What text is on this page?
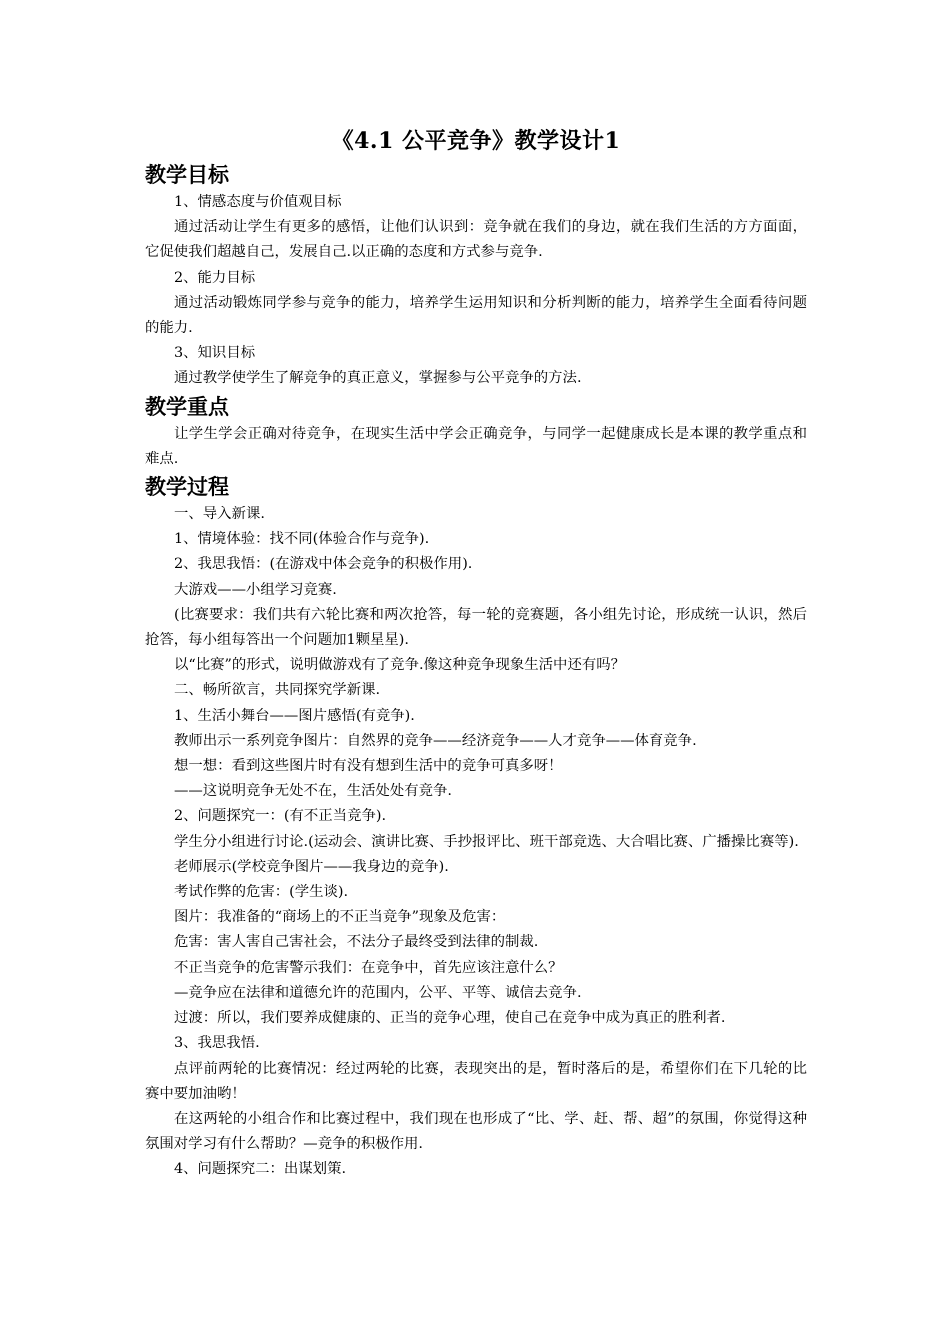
《4.1 公平竞争》教学设计1
教学目标

1、情感态度与价值观目标

通过活动让学生有更多的感悟，让他们认识到：竞争就在我们的身边，就在我们生活的方方面面，它促使我们超越自己，发展自己.以正确的态度和方式参与竞争.

2、能力目标

通过活动锻炼同学参与竞争的能力，培养学生运用知识和分析判断的能力，培养学生全面看待问题的能力.

3、知识目标

通过教学使学生了解竞争的真正意义，掌握参与公平竞争的方法.

教学重点

让学生学会正确对待竞争，在现实生活中学会正确竞争，与同学一起健康成长是本课的教学重点和难点.

教学过程

一、导入新课.

1、情境体验：找不同(体验合作与竞争).

2、我思我悟：(在游戏中体会竞争的积极作用).

大游戏——小组学习竞赛.

(比赛要求：我们共有六轮比赛和两次抢答，每一轮的竞赛题，各小组先讨论，形成统一认识，然后抢答，每小组每答出一个问题加1颗星星).

以“比赛”的形式，说明做游戏有了竞争.像这种竞争现象生活中还有吗？

二、畅所欲言，共同探究学新课.

1、生活小舞台——图片感悟(有竞争).

教师出示一系列竞争图片：自然界的竞争——经济竞争——人才竞争——体育竞争.

想一想：看到这些图片时有没有想到生活中的竞争可真多呀！

——这说明竞争无处不在，生活处处有竞争.

2、问题探究一：(有不正当竞争).

学生分小组进行讨论.(运动会、演讲比赛、手抄报评比、班干部竞选、大合唱比赛、广播操比赛等).

老师展示(学校竞争图片——我身边的竞争).

考试作弊的危害：(学生谈).

图片：我准备的“商场上的不正当竞争”现象及危害：

危害：害人害自己害社会，不法分子最终受到法律的制裁.

不正当竞争的危害警示我们：在竞争中，首先应该注意什么？

—竞争应在法律和道德允许的范围内，公平、平等、诚信去竞争.

过渡：所以，我们要养成健康的、正当的竞争心理，使自己在竞争中成为真正的胜利者.

3、我思我悟.

点评前两轮的比赛情况：经过两轮的比赛，表现突出的是，暂时落后的是，希望你们在下几轮的比赛中要加油哟！

在这两轮的小组合作和比赛过程中，我们现在也形成了“比、学、赶、帮、超”的氛围，你觉得这种氛围对学习有什么帮助？—竞争的积极作用.

4、问题探究二：出谋划策.
